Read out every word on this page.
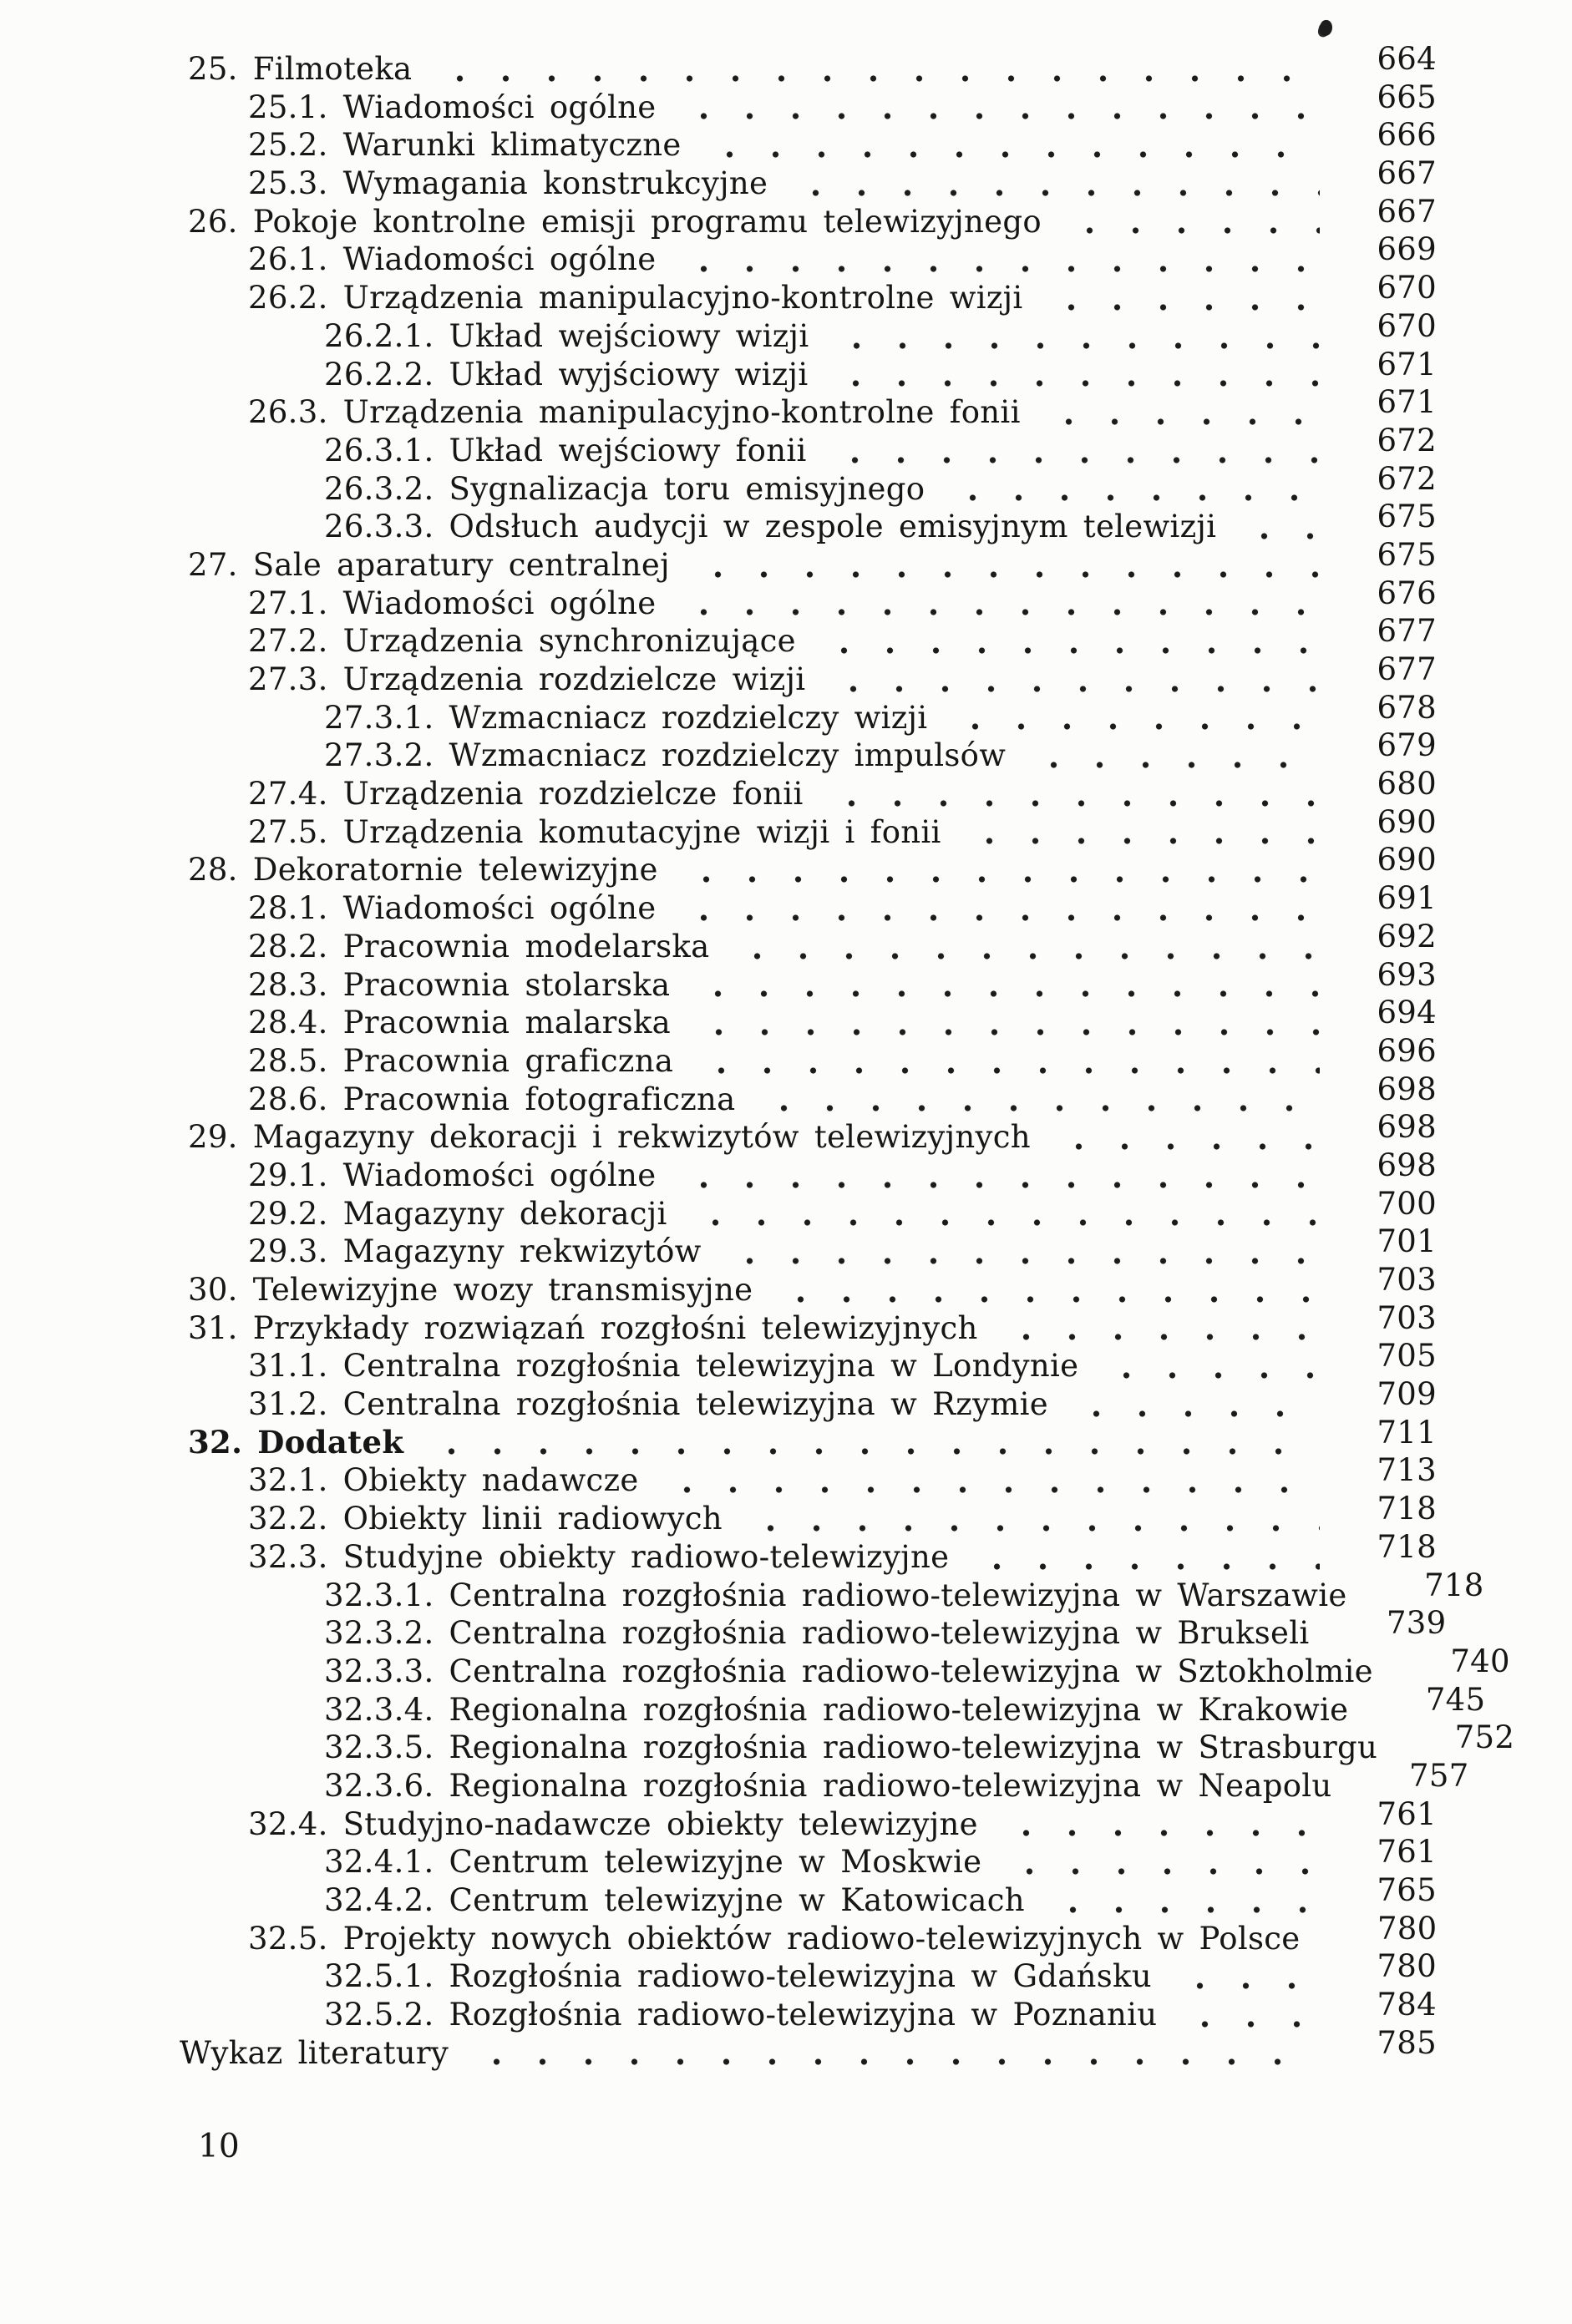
25. Filmoteka	664
25.1. Wiadomości ogólne	665
25.2. Warunki klimatyczne	666
25.3. Wymagania konstrukcyjne	667
26. Pokoje kontrolne emisji programu telewizyjnego	667
26.1. Wiadomości ogólne	669
26.2. Urządzenia manipulacyjno-kontrolne wizji	670
26.2.1. Układ wejściowy wizji	670
26.2.2. Układ wyjściowy wizji	671
26.3. Urządzenia manipulacyjno-kontrolne fonii	671
26.3.1. Układ wejściowy fonii	672
26.3.2. Sygnalizacja toru emisyjnego	672
26.3.3. Odsłuch audycji w zespole emisyjnym telewizji	675
27. Sale aparatury centralnej	675
27.1. Wiadomości ogólne	676
27.2. Urządzenia synchronizujące	677
27.3. Urządzenia rozdzielcze wizji	677
27.3.1. Wzmacniacz rozdzielczy wizji	678
27.3.2. Wzmacniacz rozdzielczy impulsów	679
27.4. Urządzenia rozdzielcze fonii	680
27.5. Urządzenia komutacyjne wizji i fonii	690
28. Dekoratornie telewizyjne	690
28.1. Wiadomości ogólne	691
28.2. Pracownia modelarska	692
28.3. Pracownia stolarska	693
28.4. Pracownia malarska	694
28.5. Pracownia graficzna	696
28.6. Pracownia fotograficzna	698
29. Magazyny dekoracji i rekwizytów telewizyjnych	698
29.1. Wiadomości ogólne	698
29.2. Magazyny dekoracji	700
29.3. Magazyny rekwizytów	701
30. Telewizyjne wozy transmisyjne	703
31. Przykłady rozwiązań rozgłośni telewizyjnych	703
31.1. Centralna rozgłośnia telewizyjna w Londynie	705
31.2. Centralna rozgłośnia telewizyjna w Rzymie	709
32. Dodatek	711
32.1. Obiekty nadawcze	713
32.2. Obiekty linii radiowych	718
32.3. Studyjne obiekty radiowo-telewizyjne	718
32.3.1. Centralna rozgłośnia radiowo-telewizyjna w Warszawie 718
32.3.2. Centralna rozgłośnia radiowo-telewizyjna w Brukseli 739
32.3.3. Centralna rozgłośnia radiowo-telewizyjna w Sztokholmie 740
32.3.4. Regionalna rozgłośnia radiowo-telewizyjna w Krakowie 745
32.3.5. Regionalna rozgłośnia radiowo-telewizyjna w Strasburgu 752
32.3.6. Regionalna rozgłośnia radiowo-telewizyjna w Neapolu 757
32.4. Studyjno-nadawcze obiekty telewizyjne	761
32.4.1. Centrum telewizyjne w Moskwie	761
32.4.2. Centrum telewizyjne w Katowicach	765
32.5. Projekty nowych obiektów radiowo-telewizyjnych w Polsce 780
32.5.1. Rozgłośnia radiowo-telewizyjna w Gdańsku	780
32.5.2. Rozgłośnia radiowo-telewizyjna w Poznaniu	784
Wykaz literatury	785
10
